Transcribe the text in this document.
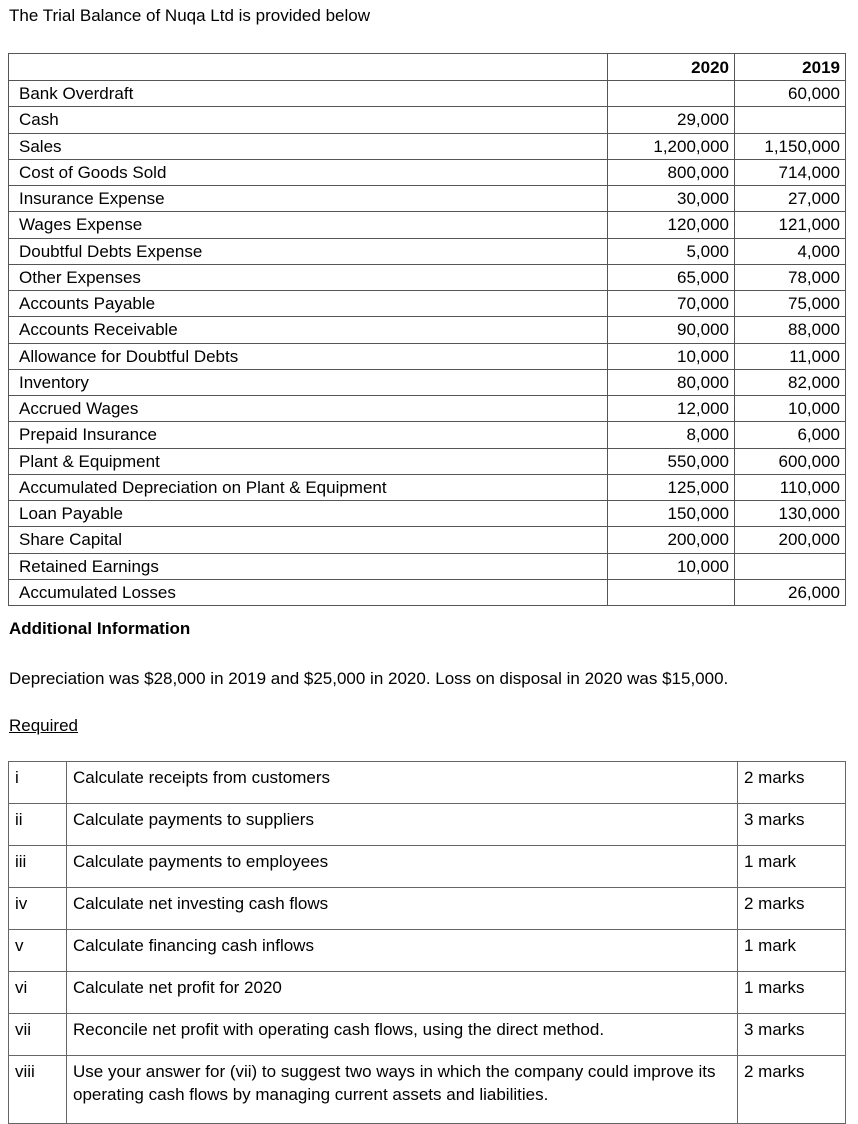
The Trial Balance of Nuqa Ltd is provided below
	2020	2019
Bank Overdraft		60,000
Cash	29,000	
Sales	1,200,000	1,150,000
Cost of Goods Sold	800,000	714,000
Insurance Expense	30,000	27,000
Wages Expense	120,000	121,000
Doubtful Debts Expense	5,000	4,000
Other Expenses	65,000	78,000
Accounts Payable	70,000	75,000
Accounts Receivable	90,000	88,000
Allowance for Doubtful Debts	10,000	11,000
Inventory	80,000	82,000
Accrued Wages	12,000	10,000
Prepaid Insurance	8,000	6,000
Plant & Equipment	550,000	600,000
Accumulated Depreciation on Plant & Equipment	125,000	110,000
Loan Payable	150,000	130,000
Share Capital	200,000	200,000
Retained Earnings	10,000	
Accumulated Losses		26,000
Additional Information
Depreciation was $28,000 in 2019 and $25,000 in 2020. Loss on disposal in 2020 was $15,000.
Required
i	Calculate receipts from customers	2 marks
ii	Calculate payments to suppliers	3 marks
iii	Calculate payments to employees	1 mark
iv	Calculate net investing cash flows	2 marks
v	Calculate financing cash inflows	1 mark
vi	Calculate net profit for 2020	1 marks
vii	Reconcile net profit with operating cash flows, using the direct method.	3 marks
viii	Use your answer for (vii) to suggest two ways in which the company could improve its operating cash flows by managing current assets and liabilities.	2 marks
